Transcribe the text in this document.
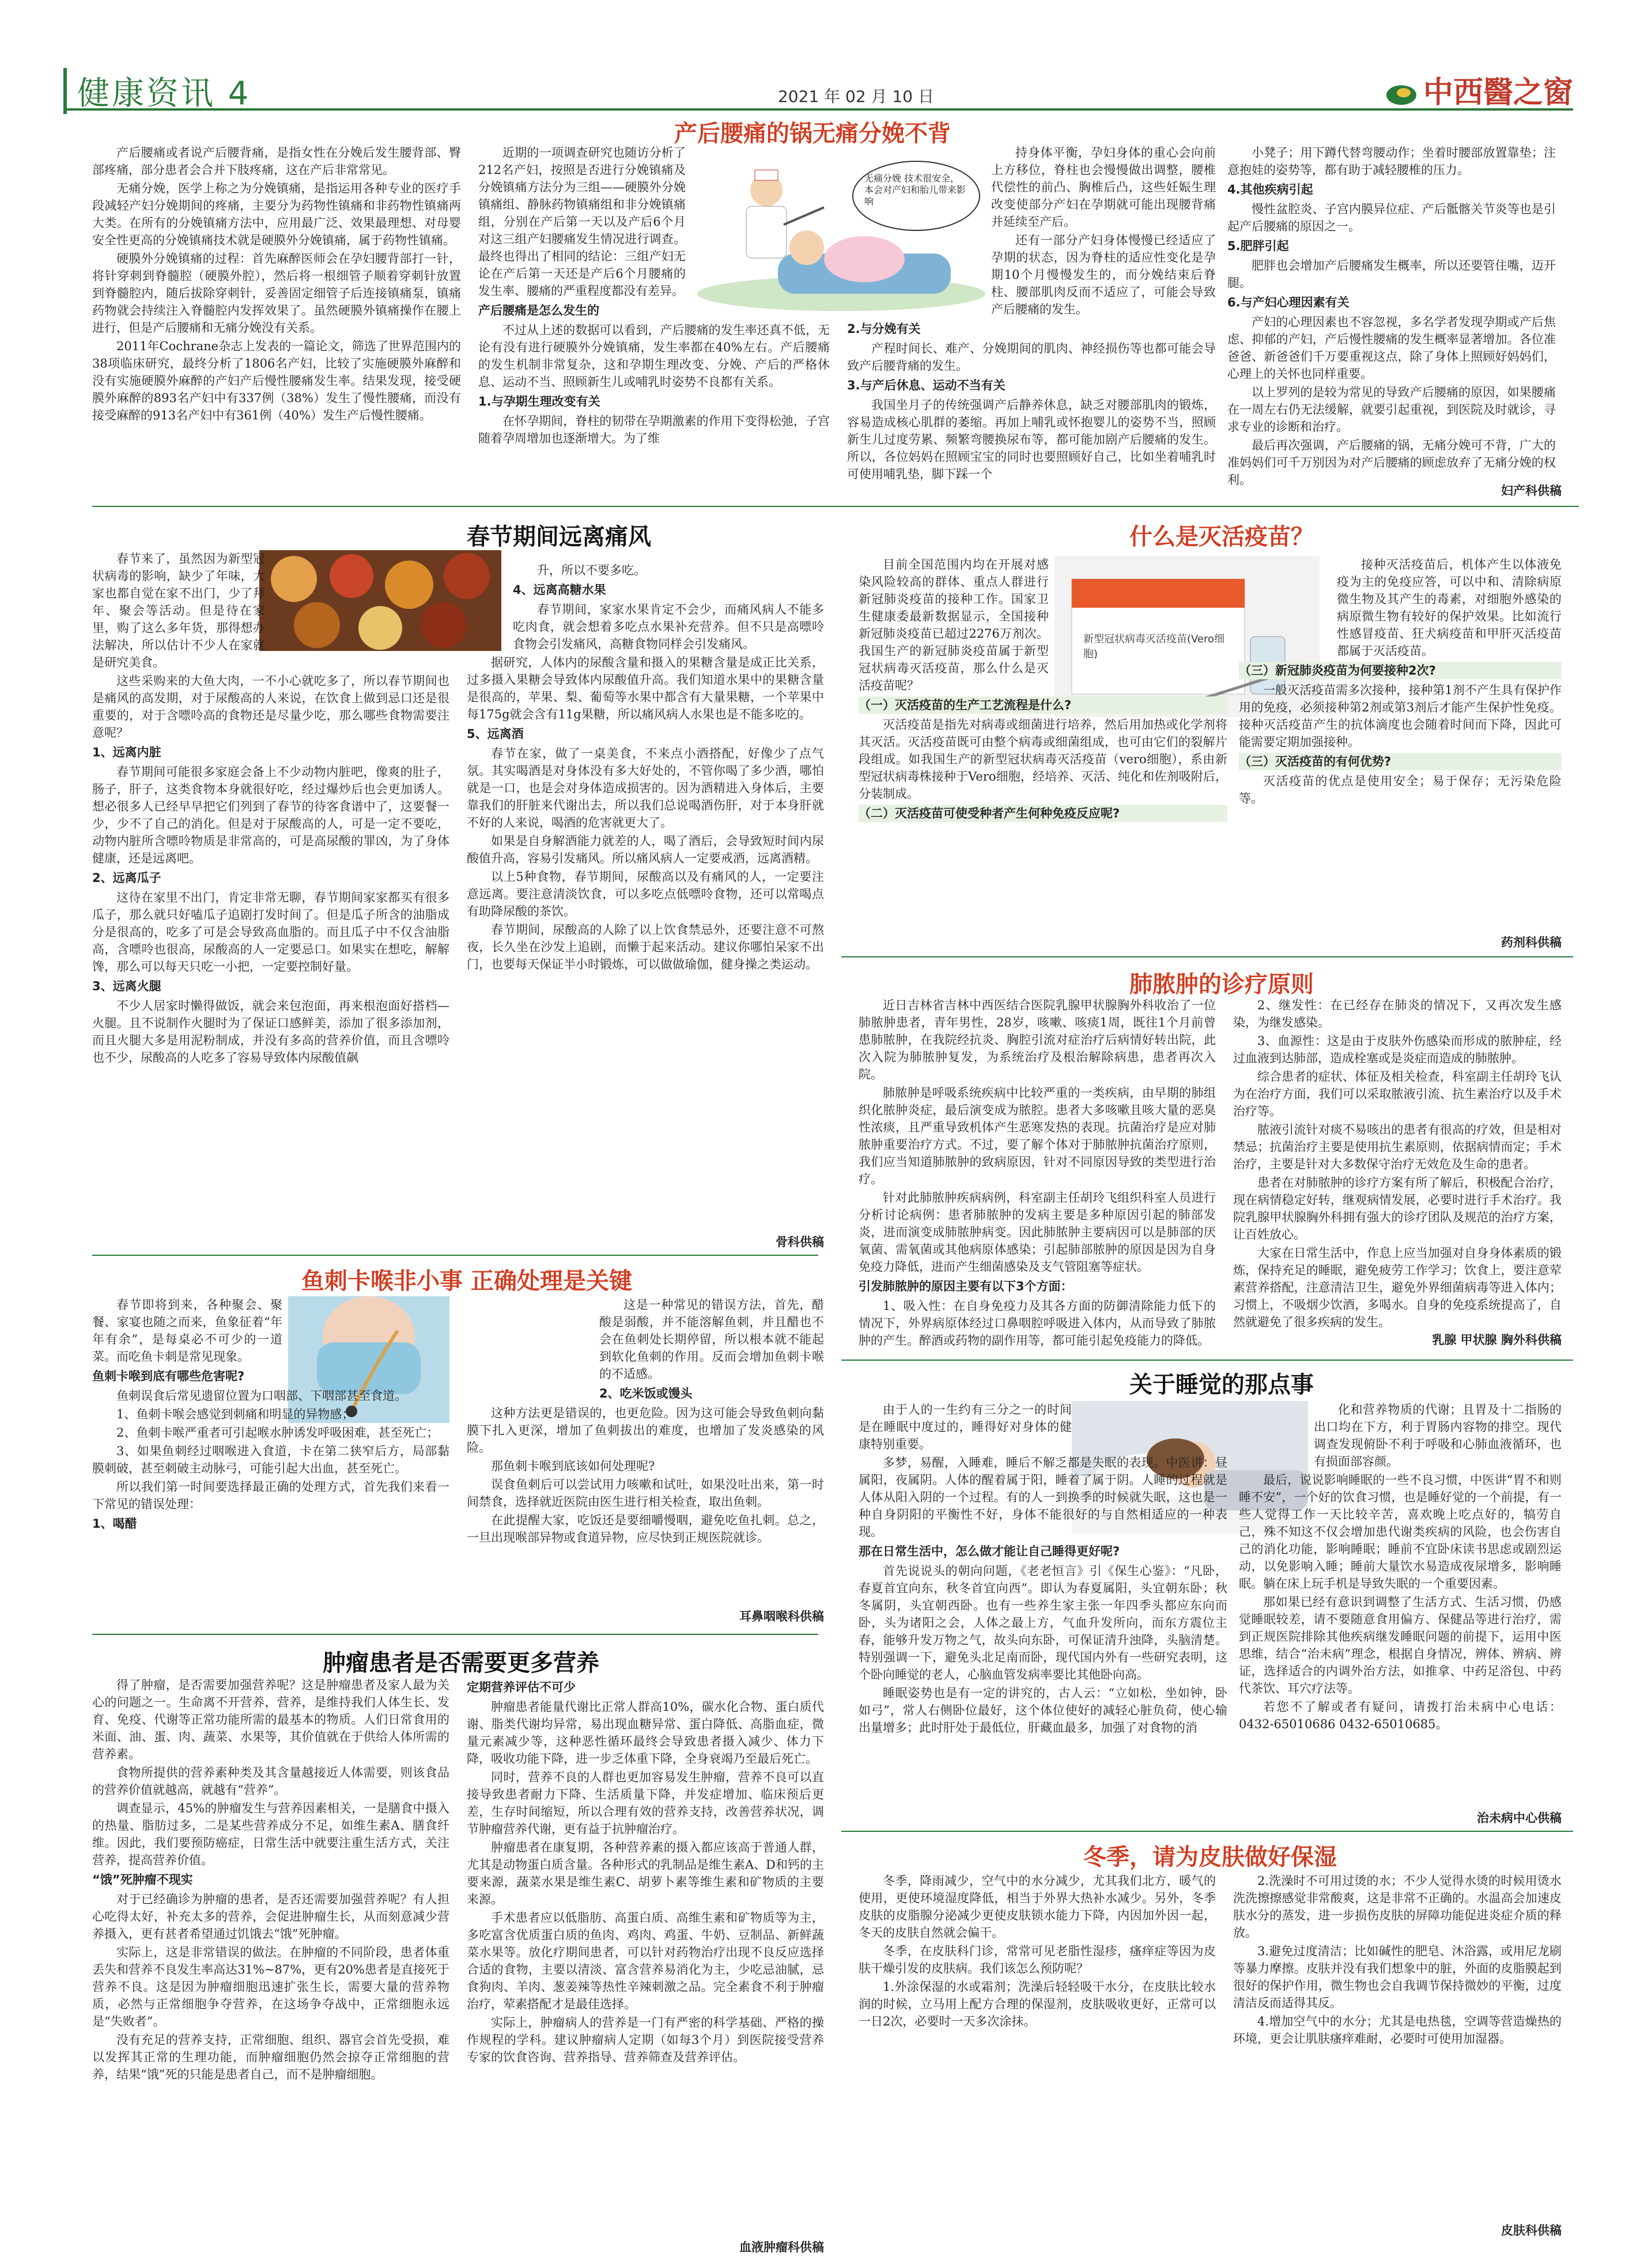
健康资讯 4	2021 年 02 月 10 日	中西醫之窗
产后腰痛的锅无痛分娩不背

产后腰痛或者说产后腰背痛，是指女性在分娩后发生腰背部、臀部疼痛，部分患者会合并下肢疼痛，这在产后非常常见。

无痛分娩，医学上称之为分娩镇痛，是指运用各种专业的医疗手段减轻产妇分娩期间的疼痛，主要分为药物性镇痛和非药物性镇痛两大类。在所有的分娩镇痛方法中，应用最广泛、效果最理想、对母婴安全性更高的分娩镇痛技术就是硬膜外分娩镇痛，属于药物性镇痛。

硬膜外分娩镇痛的过程：首先麻醉医师会在孕妇腰背部打一针，将针穿刺到脊髓腔（硬膜外腔），然后将一根细管子顺着穿刺针放置到脊髓腔内，随后拔除穿刺针，妥善固定细管子后连接镇痛泵，镇痛药物就会持续注入脊髓腔内发挥效果了。虽然硬膜外镇痛操作在腰上进行，但是产后腰痛和无痛分娩没有关系。

2011年Cochrane杂志上发表的一篇论文，筛选了世界范围内的38项临床研究，最终分析了1806名产妇，比较了实施硬膜外麻醉和没有实施硬膜外麻醉的产妇产后慢性腰痛发生率。结果发现，接受硬膜外麻醉的893名产妇中有337例（38%）发生了慢性腰痛，而没有接受麻醉的913名产妇中有361例（40%）发生产后慢性腰痛。

近期的一项调查研究也随访分析了212名产妇，按照是否进行分娩镇痛及分娩镇痛方法分为三组——硬膜外分娩镇痛组、静脉药物镇痛组和非分娩镇痛组，分别在产后第一天以及产后6个月对这三组产妇腰痛发生情况进行调查。最终也得出了相同的结论：三组产妇无论在产后第一天还是产后6个月腰痛的发生率、腰痛的严重程度都没有差异。

产后腰痛是怎么发生的

不过从上述的数据可以看到，产后腰痛的发生率还真不低，无论有没有进行硬膜外分娩镇痛，发生率都在40%左右。产后腰痛的发生机制非常复杂，这和孕期生理改变、分娩、产后的严格休息、运动不当、照顾新生儿或哺乳时姿势不良都有关系。

1.与孕期生理改变有关

在怀孕期间，脊柱的韧带在孕期激素的作用下变得松弛，子宫随着孕周增加也逐渐增大。为了维

无痛分娩 技术很安全，本会对产妇和胎儿带来影响

持身体平衡，孕妇身体的重心会向前上方移位，脊柱也会慢慢做出调整，腰椎代偿性的前凸、胸椎后凸，这些妊娠生理改变使部分产妇在孕期就可能出现腰背痛并延续至产后。

还有一部分产妇身体慢慢已经适应了孕期的状态，因为脊柱的适应性变化是孕期10个月慢慢发生的，而分娩结束后脊柱、腰部肌肉反而不适应了，可能会导致产后腰痛的发生。

2.与分娩有关

产程时间长、难产、分娩期间的肌肉、神经损伤等也都可能会导致产后腰背痛的发生。

3.与产后休息、运动不当有关

我国坐月子的传统强调产后静养休息，缺乏对腰部肌肉的锻炼，容易造成核心肌群的萎缩。再加上哺乳或怀抱婴儿的姿势不当，照顾新生儿过度劳累、频繁弯腰换尿布等，都可能加剧产后腰痛的发生。所以，各位妈妈在照顾宝宝的同时也要照顾好自己，比如坐着哺乳时可使用哺乳垫，脚下踩一个

小凳子；用下蹲代替弯腰动作；坐着时腰部放置靠垫；注意抱娃的姿势等，都有助于减轻腰椎的压力。

4.其他疾病引起

慢性盆腔炎、子宫内膜异位症、产后骶髂关节炎等也是引起产后腰痛的原因之一。

5.肥胖引起

肥胖也会增加产后腰痛发生概率，所以还要管住嘴，迈开腿。

6.与产妇心理因素有关

产妇的心理因素也不容忽视，多名学者发现孕期或产后焦虑、抑郁的产妇，产后慢性腰痛的发生概率显著增加。各位准爸爸、新爸爸们千万要重视这点，除了身体上照顾好妈妈们，心理上的关怀也同样重要。

以上罗列的是较为常见的导致产后腰痛的原因，如果腰痛在一周左右仍无法缓解，就要引起重视，到医院及时就诊，寻求专业的诊断和治疗。

最后再次强调，产后腰痛的锅，无痛分娩可不背，广大的准妈妈们可千万别因为对产后腰痛的顾虑放弃了无痛分娩的权利。

妇产科供稿
春节期间远离痛风

春节来了，虽然因为新型冠状病毒的影响，缺少了年味，大家也都自觉在家不出门，少了拜年、聚会等活动。但是待在家里，购了这么多年货，那得想办法解决，所以估计不少人在家就是研究美食。

这些采购来的大鱼大肉，一不小心就吃多了，所以春节期间也是痛风的高发期，对于尿酸高的人来说，在饮食上做到忌口还是很重要的，对于含嘌呤高的食物还是尽量少吃，那么哪些食物需要注意呢？

1、远离内脏

春节期间可能很多家庭会备上不少动物内脏吧，像爽的肚子，肠子，肝子，这类食物本身就很好吃，经过爆炒后也会更加诱人。想必很多人已经早早把它们列到了春节的待客食谱中了，这要餐一少，少不了自己的消化。但是对于尿酸高的人，可是一定不要吃，动物内脏所含嘌呤物质是非常高的，可是高尿酸的罪凶，为了身体健康，还是远离吧。

2、远离瓜子

这待在家里不出门，肯定非常无聊，春节期间家家都买有很多瓜子，那么就只好嗑瓜子追剧打发时间了。但是瓜子所含的油脂成分是很高的，吃多了可是会导致高血脂的。而且瓜子中不仅含油脂高，含嘌呤也很高，尿酸高的人一定要忌口。如果实在想吃，解解馋，那么可以每天只吃一小把，一定要控制好量。

3、远离火腿

不少人居家时懒得做饭，就会来包泡面，再来根泡面好搭档—火腿。且不说制作火腿时为了保证口感鲜美，添加了很多添加剂，而且火腿大多是用泥粉制成，并没有多高的营养价值，而且含嘌呤也不少，尿酸高的人吃多了容易导致体内尿酸值飙

升，所以不要多吃。

4、远离高糖水果

春节期间，家家水果肯定不会少，而痛风病人不能多吃肉食，就会想着多吃点水果补充营养。但不只是高嘌呤食物会引发痛风，高糖食物同样会引发痛风。

据研究，人体内的尿酸含量和摄入的果糖含量是成正比关系，过多摄入果糖会导致体内尿酸值升高。我们知道水果中的果糖含量是很高的，苹果、梨、葡萄等水果中都含有大量果糖，一个苹果中每175g就会含有11g果糖，所以痛风病人水果也是不能多吃的。

5、远离酒

春节在家，做了一桌美食，不来点小酒搭配，好像少了点气氛。其实喝酒是对身体没有多大好处的，不管你喝了多少酒，哪怕就是一口，也是会对身体造成损害的。因为酒精进入身体后，主要靠我们的肝脏来代谢出去，所以我们总说喝酒伤肝，对于本身肝就不好的人来说，喝酒的危害就更大了。

如果是自身解酒能力就差的人，喝了酒后，会导致短时间内尿酸值升高，容易引发痛风。所以痛风病人一定要戒酒，远离酒精。

以上5种食物，春节期间，尿酸高以及有痛风的人，一定要注意远离。要注意清淡饮食，可以多吃点低嘌呤食物，还可以常喝点有助降尿酸的茶饮。

春节期间，尿酸高的人除了以上饮食禁忌外，还要注意不可熬夜，长久坐在沙发上追剧，而懒于起来活动。建议你哪怕呆家不出门，也要每天保证半小时锻炼，可以做做瑜伽，健身操之类运动。

骨科供稿
鱼刺卡喉非小事 正确处理是关键

春节即将到来，各种聚会、聚餐、家宴也随之而来，鱼象征着“年年有余”，是每桌必不可少的一道菜。而吃鱼卡刺是常见现象。

鱼刺卡喉到底有哪些危害呢?

鱼刺误食后常见遗留位置为口咽部、下咽部甚至食道。

1、鱼刺卡喉会感觉到刺痛和明显的异物感；

2、鱼刺卡喉严重者可引起喉水肿诱发呼吸困难，甚至死亡；

3、如果鱼刺经过咽喉进入食道，卡在第二狭窄后方，局部黏膜刺破，甚至刺破主动脉弓，可能引起大出血，甚至死亡。

所以我们第一时间要选择最正确的处理方式，首先我们来看一下常见的错误处理：

1、喝醋

这是一种常见的错误方法，首先，醋酸是弱酸，并不能溶解鱼刺，并且醋也不会在鱼刺处长期停留，所以根本就不能起到软化鱼刺的作用。反而会增加鱼刺卡喉的不适感。

2、吃米饭或馒头

这种方法更是错误的，也更危险。因为这可能会导致鱼刺向黏膜下扎入更深，增加了鱼刺拔出的难度，也增加了发炎感染的风险。

那鱼刺卡喉到底该如何处理呢?

误食鱼刺后可以尝试用力咳嗽和试吐，如果没吐出来，第一时间禁食，选择就近医院由医生进行相关检查，取出鱼刺。

在此提醒大家，吃饭还是要细嚼慢咽，避免吃鱼扎刺。总之，一旦出现喉部异物或食道异物，应尽快到正规医院就诊。

耳鼻咽喉科供稿
肿瘤患者是否需要更多营养

得了肿瘤，是否需要加强营养呢？这是肿瘤患者及家人最为关心的问题之一。生命离不开营养，营养，是维持我们人体生长、发育、免疫、代谢等正常功能所需的最基本的物质。人们日常食用的米面、油、蛋、肉、蔬菜、水果等，其价值就在于供给人体所需的营养素。

食物所提供的营养素种类及其含量越接近人体需要，则该食品的营养价值就越高，就越有“营养”。

调查显示，45%的肿瘤发生与营养因素相关，一是膳食中摄入的热量、脂肪过多，二是某些营养成分不足，如维生素A、膳食纤维。因此，我们要预防癌症，日常生活中就要注重生活方式，关注营养，提高营养价值。

“饿”死肿瘤不现实

对于已经确诊为肿瘤的患者，是否还需要加强营养呢？有人担心吃得太好，补充太多的营养，会促进肿瘤生长，从而刻意减少营养摄入，更有甚者希望通过饥饿去“饿”死肿瘤。

实际上，这是非常错误的做法。在肿瘤的不同阶段，患者体重丢失和营养不良发生率高达31%~87%，更有20%患者是直接死于营养不良。这是因为肿瘤细胞迅速扩张生长，需要大量的营养物质，必然与正常细胞争夺营养，在这场争夺战中，正常细胞永远是“失败者”。

没有充足的营养支持，正常细胞、组织、器官会首先受损，难以发挥其正常的生理功能，而肿瘤细胞仍然会掠夺正常细胞的营养，结果“饿”死的只能是患者自己，而不是肿瘤细胞。

定期营养评估不可少

肿瘤患者能量代谢比正常人群高10%，碳水化合物、蛋白质代谢、脂类代谢均异常，易出现血糖异常、蛋白降低、高脂血症，微量元素减少等，这种恶性循环最终会导致患者摄入减少、体力下降，吸收功能下降，进一步乏体重下降，全身衰竭乃至最后死亡。

同时，营养不良的人群也更加容易发生肿瘤，营养不良可以直接导致患者耐力下降、生活质量下降，并发症增加、临床预后更差，生存时间缩短，所以合理有效的营养支持，改善营养状况，调节肿瘤营养代谢，更有益于抗肿瘤治疗。

肿瘤患者在康复期，各种营养素的摄入都应该高于普通人群，尤其是动物蛋白质含量。各种形式的乳制品是维生素A、D和钙的主要来源，蔬菜水果是维生素C、胡萝卜素等维生素和矿物质的主要来源。

手术患者应以低脂肪、高蛋白质、高维生素和矿物质等为主，多吃富含优质蛋白质的鱼肉、鸡肉、鸡蛋、牛奶、豆制品、新鲜蔬菜水果等。放化疗期间患者，可以针对药物治疗出现不良反应选择合适的食物，主要以清淡、富含营养易消化为主，少吃忌油腻，忌食狗肉、羊肉、葱姜辣等热性辛辣刺激之品。完全素食不利于肿瘤治疗，荤素搭配才是最佳选择。

实际上，肿瘤病人的营养是一门有严密的科学基础、严格的操作规程的学科。建议肿瘤病人定期（如每3个月）到医院接受营养专家的饮食咨询、营养指导、营养筛查及营养评估。

血液肿瘤科供稿
什么是灭活疫苗？
新型冠状病毒灭活疫苗(Vero细胞)

目前全国范围内均在开展对感染风险较高的群体、重点人群进行新冠肺炎疫苗的接种工作。国家卫生健康委最新数据显示，全国接种新冠肺炎疫苗已超过2276万剂次。我国生产的新冠肺炎疫苗属于新型冠状病毒灭活疫苗，那么什么是灭活疫苗呢？

（一）灭活疫苗的生产工艺流程是什么?

灭活疫苗是指先对病毒或细菌进行培养，然后用加热或化学剂将其灭活。灭活疫苗既可由整个病毒或细菌组成，也可由它们的裂解片段组成。如我国生产的新型冠状病毒灭活疫苗（vero细胞），系由新型冠状病毒株接种于Vero细胞，经培养、灭活、纯化和佐剂吸附后，分装制成。

（二）灭活疫苗可使受种者产生何种免疫反应呢?

接种灭活疫苗后，机体产生以体液免疫为主的免疫应答，可以中和、清除病原微生物及其产生的毒素，对细胞外感染的病原微生物有较好的保护效果。比如流行性感冒疫苗、狂犬病疫苗和甲肝灭活疫苗都属于灭活疫苗。

（三）新冠肺炎疫苗为何要接种2次?

一般灭活疫苗需多次接种，接种第1剂不产生具有保护作用的免疫，必须接种第2剂或第3剂后才能产生保护性免疫。接种灭活疫苗产生的抗体滴度也会随着时间而下降，因此可能需要定期加强接种。

（三）灭活疫苗的有何优势?

灭活疫苗的优点是使用安全；易于保存；无污染危险等。

药剂科供稿
肺脓肿的诊疗原则

近日吉林省吉林中西医结合医院乳腺甲状腺胸外科收治了一位肺脓肿患者，青年男性，28岁，咳嗽、咳痰1周，既往1个月前曾患肺脓肿，在我院经抗炎、胸腔引流对症治疗后病情好转出院，此次入院为肺脓肿复发，为系统治疗及根治解除病患，患者再次入院。

肺脓肿是呼吸系统疾病中比较严重的一类疾病，由早期的肺组织化脓肿炎症，最后演变成为脓腔。患者大多咳嗽且咳大量的恶臭性浓痰，且严重导致机体产生恶寒发热的表现。抗菌治疗是应对肺脓肿重要治疗方式。不过，要了解个体对于肺脓肿抗菌治疗原则，我们应当知道肺脓肿的致病原因，针对不同原因导致的类型进行治疗。

针对此肺脓肿疾病病例，科室副主任胡玲飞组织科室人员进行分析讨论病例：患者肺脓肿的发病主要是多种原因引起的肺部发炎，进而演变成肺脓肿病变。因此肺脓肿主要病因可以是肺部的厌氧菌、需氧菌或其他病原体感染；引起肺部脓肿的原因是因为自身免疫力降低，进而产生细菌感染及支气管阻塞等症状。

引发肺脓肿的原因主要有以下3个方面：

1、吸入性：在自身免疫力及其各方面的防御清除能力低下的情况下，外界病原体经过口鼻咽腔呼吸进入体内，从而导致了肺脓肿的产生。醉酒或药物的副作用等，都可能引起免疫能力的降低。

2、继发性：在已经存在肺炎的情况下，又再次发生感染，为继发感染。

3、血源性：这是由于皮肤外伤感染而形成的脓肿症，经过血液到达肺部，造成栓塞或是炎症而造成的肺脓肿。

综合患者的症状、体征及相关检查，科室副主任胡玲飞认为在治疗方面，我们可以采取脓液引流、抗生素治疗以及手术治疗等。

脓液引流针对痰不易咳出的患者有很高的疗效，但是相对禁忌；抗菌治疗主要是使用抗生素原则，依据病情而定；手术治疗，主要是针对大多数保守治疗无效危及生命的患者。

患者在对肺脓肿的诊疗方案有所了解后，积极配合治疗，现在病情稳定好转，继观病情发展，必要时进行手术治疗。我院乳腺甲状腺胸外科拥有强大的诊疗团队及规范的治疗方案，让百姓放心。

大家在日常生活中，作息上应当加强对自身身体素质的锻炼，保持充足的睡眠，避免疲劳工作学习；饮食上，要注意荤素营养搭配，注意清洁卫生，避免外界细菌病毒等进入体内；习惯上，不吸烟少饮酒，多喝水。自身的免疫系统提高了，自然就避免了很多疾病的发生。

乳腺 甲状腺 胸外科供稿
关于睡觉的那点事

由于人的一生约有三分之一的时间是在睡眠中度过的，睡得好对身体的健康特别重要。

多梦，易醒，入睡难，睡后不解乏都是失眠的表现。中医讲：昼属阳，夜属阴。人体的醒着属于阳，睡着了属于阴。人睡的过程就是人体从阳入阴的一个过程。有的人一到换季的时候就失眠，这也是一种自身阴阳的平衡性不好，身体不能很好的与自然相适应的一种表现。

那在日常生活中，怎么做才能让自己睡得更好呢?

首先说说头的朝向问题，《老老恒言》引《保生心鉴》：“凡卧，春夏首宜向东，秋冬首宜向西”。即认为春夏属阳，头宜朝东卧；秋冬属阴，头宜朝西卧。也有一些养生家主张一年四季头都应东向而卧，头为诸阳之会，人体之最上方，气血升发所向，而东方震位主春，能够升发万物之气，故头向东卧，可保证清升浊降，头脑清楚。特别强调一下，避免头北足南而卧，现代国内外有一些研究表明，这个卧向睡觉的老人，心脑血管发病率要比其他卧向高。

睡眠姿势也是有一定的讲究的，古人云：“立如松，坐如钟，卧如弓”，常人右侧卧位最好，这个体位使好的减轻心脏负荷，使心输出量增多；此时肝处于最低位，肝藏血最多，加强了对食物的消

化和营养物质的代谢；且胃及十二指肠的出口均在下方，利于胃肠内容物的排空。现代调查发现俯卧不利于呼吸和心肺血液循环，也有损面部容颜。

最后，说说影响睡眠的一些不良习惯，中医讲“胃不和则睡不安”，一个好的饮食习惯，也是睡好觉的一个前提，有一些人觉得工作一天比较辛苦，喜欢晚上吃点好的，犒劳自己，殊不知这不仅会增加患代谢类疾病的风险，也会伤害自己的消化功能，影响睡眠；睡前不宜卧床读书思虑或剧烈运动，以免影响入睡；睡前大量饮水易造成夜尿增多，影响睡眠。躺在床上玩手机是导致失眠的一个重要因素。

那如果已经有意识到调整了生活方式、生活习惯，仍感觉睡眠较差，请不要随意食用偏方、保健品等进行治疗，需到正规医院排除其他疾病继发睡眠问题的前提下，运用中医思维，结合“治未病”理念，根据自身情况，辨体、辨病、辨证，选择适合的内调外治方法，如推拿、中药足浴包、中药代茶饮、耳穴疗法等。

若您不了解或者有疑问，请拨打治未病中心电话：0432-65010686 0432-65010685。

治未病中心供稿
冬季，请为皮肤做好保湿

冬季，降雨减少，空气中的水分减少，尤其我们北方，暖气的使用，更使环境湿度降低，相当于外界大热补水减少。另外，冬季皮肤的皮脂腺分泌减少更使皮肤锁水能力下降，内因加外因一起，冬天的皮肤自然就会偏干。

冬季，在皮肤科门诊，常常可见老脂性湿疹，瘙痒症等因为皮肤干燥引发的皮肤病。我们该怎么预防呢？

1.外涂保湿的水或霜剂；洗澡后轻轻吸干水分，在皮肤比较水润的时候，立马用上配方合理的保湿剂，皮肤吸收更好，正常可以一日2次，必要时一天多次涂抹。

2.洗澡时不可用过烫的水；不少人觉得水烫的时候用烫水洗洗擦擦感觉非常酸爽，这是非常不正确的。水温高会加速皮肤水分的蒸发，进一步损伤皮肤的屏障功能促进炎症介质的释放。

3.避免过度清洁；比如碱性的肥皂、沐浴露，或用尼龙刷等暴力摩擦。皮肤并没有我们想象中的脏，外面的皮脂膜起到很好的保护作用，微生物也会自我调节保持微妙的平衡，过度清洁反而适得其反。

4.增加空气中的水分；尤其是电热毯，空调等营造燥热的环境，更会让肌肤瘙痒难耐，必要时可使用加湿器。

皮肤科供稿
